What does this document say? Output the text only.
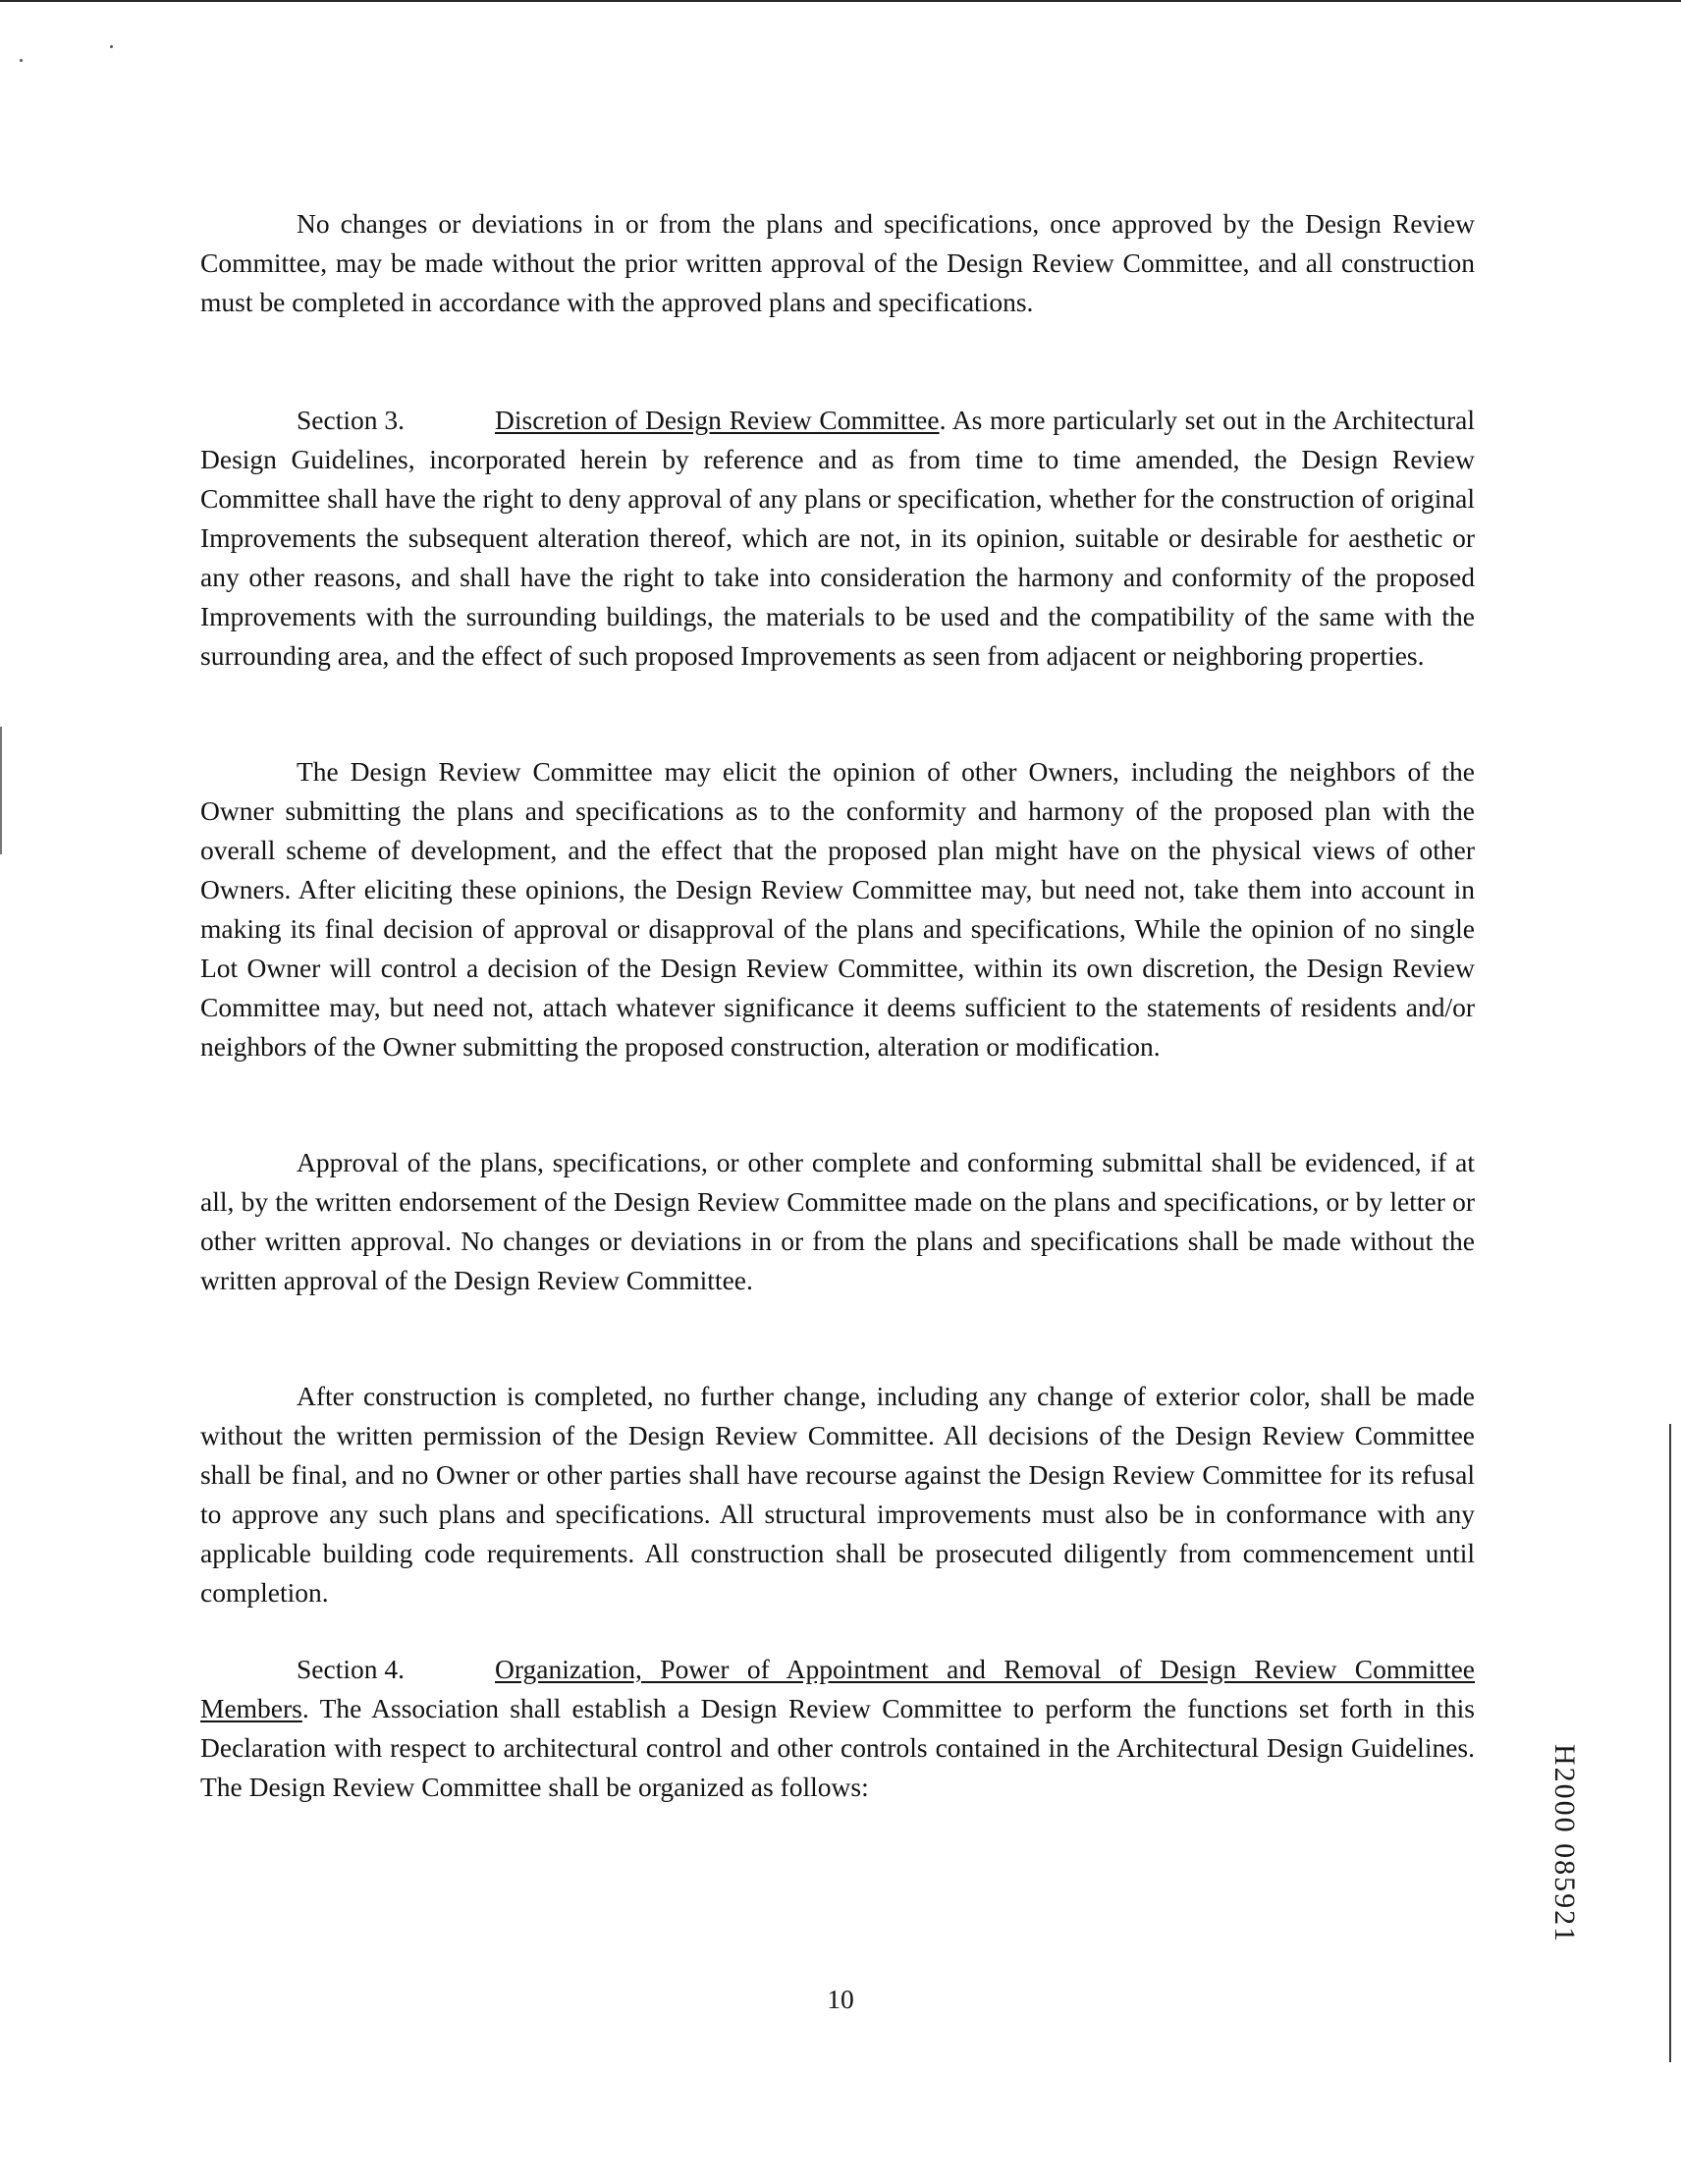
No changes or deviations in or from the plans and specifications, once approved by the Design Review Committee, may be made without the prior written approval of the Design Review Committee, and all construction must be completed in accordance with the approved plans and specifications.

Section 3.	Discretion of Design Review Committee. As more particularly set out in the Architectural Design Guidelines, incorporated herein by reference and as from time to time amended, the Design Review Committee shall have the right to deny approval of any plans or specification, whether for the construction of original Improvements the subsequent alteration thereof, which are not, in its opinion, suitable or desirable for aesthetic or any other reasons, and shall have the right to take into consideration the harmony and conformity of the proposed Improvements with the surrounding buildings, the materials to be used and the compatibility of the same with the surrounding area, and the effect of such proposed Improvements as seen from adjacent or neighboring properties.

The Design Review Committee may elicit the opinion of other Owners, including the neighbors of the Owner submitting the plans and specifications as to the conformity and harmony of the proposed plan with the overall scheme of development, and the effect that the proposed plan might have on the physical views of other Owners. After eliciting these opinions, the Design Review Committee may, but need not, take them into account in making its final decision of approval or disapproval of the plans and specifications, While the opinion of no single Lot Owner will control a decision of the Design Review Committee, within its own discretion, the Design Review Committee may, but need not, attach whatever significance it deems sufficient to the statements of residents and/or neighbors of the Owner submitting the proposed construction, alteration or modification.

Approval of the plans, specifications, or other complete and conforming submittal shall be evidenced, if at all, by the written endorsement of the Design Review Committee made on the plans and specifications, or by letter or other written approval. No changes or deviations in or from the plans and specifications shall be made without the written approval of the Design Review Committee.

After construction is completed, no further change, including any change of exterior color, shall be made without the written permission of the Design Review Committee. All decisions of the Design Review Committee shall be final, and no Owner or other parties shall have recourse against the Design Review Committee for its refusal to approve any such plans and specifications. All structural improvements must also be in conformance with any applicable building code requirements. All construction shall be prosecuted diligently from commencement until completion.

Section 4.	Organization, Power of Appointment and Removal of Design Review Committee Members. The Association shall establish a Design Review Committee to perform the functions set forth in this Declaration with respect to architectural control and other controls contained in the Architectural Design Guidelines. The Design Review Committee shall be organized as follows:

10
H2000 085921
